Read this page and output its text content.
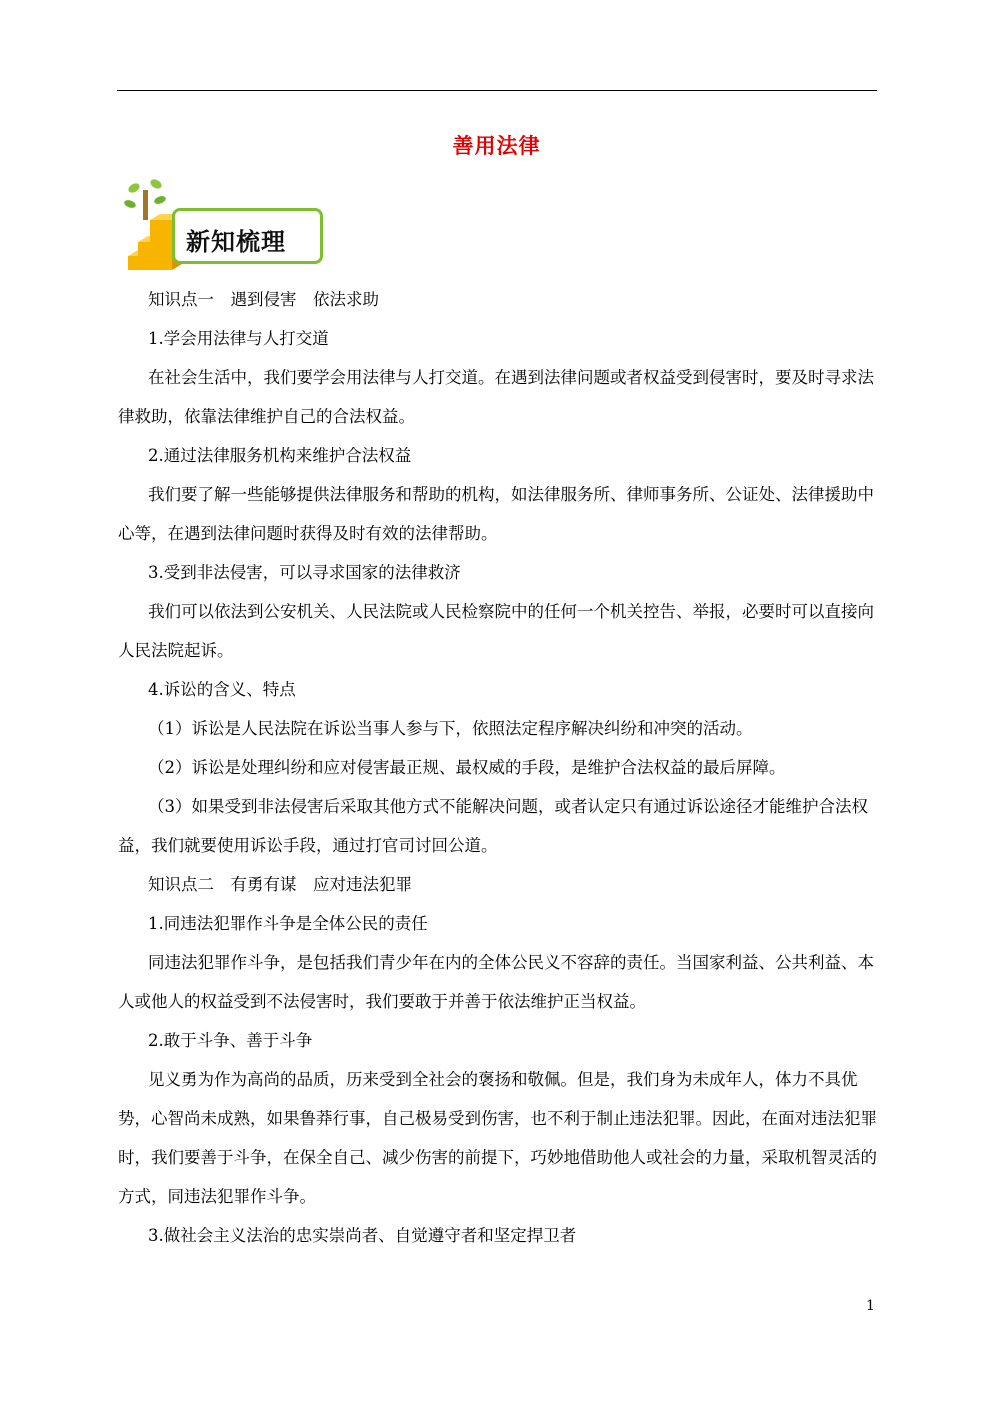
善用法律
新知梳理

知识点一　遇到侵害　依法求助

1.学会用法律与人打交道

在社会生活中，我们要学会用法律与人打交道。在遇到法律问题或者权益受到侵害时，要及时寻求法律救助，依靠法律维护自己的合法权益。

2.通过法律服务机构来维护合法权益

我们要了解一些能够提供法律服务和帮助的机构，如法律服务所、律师事务所、公证处、法律援助中心等，在遇到法律问题时获得及时有效的法律帮助。

3.受到非法侵害，可以寻求国家的法律救济

我们可以依法到公安机关、人民法院或人民检察院中的任何一个机关控告、举报，必要时可以直接向人民法院起诉。

4.诉讼的含义、特点

（1）诉讼是人民法院在诉讼当事人参与下，依照法定程序解决纠纷和冲突的活动。

（2）诉讼是处理纠纷和应对侵害最正规、最权威的手段，是维护合法权益的最后屏障。

（3）如果受到非法侵害后采取其他方式不能解决问题，或者认定只有通过诉讼途径才能维护合法权益，我们就要使用诉讼手段，通过打官司讨回公道。

知识点二　有勇有谋　应对违法犯罪

1.同违法犯罪作斗争是全体公民的责任

同违法犯罪作斗争，是包括我们青少年在内的全体公民义不容辞的责任。当国家利益、公共利益、本人或他人的权益受到不法侵害时，我们要敢于并善于依法维护正当权益。

2.敢于斗争、善于斗争

见义勇为作为高尚的品质，历来受到全社会的褒扬和敬佩。但是，我们身为未成年人，体力不具优势，心智尚未成熟，如果鲁莽行事，自己极易受到伤害，也不利于制止违法犯罪。因此，在面对违法犯罪时，我们要善于斗争，在保全自己、减少伤害的前提下，巧妙地借助他人或社会的力量，采取机智灵活的方式，同违法犯罪作斗争。

3.做社会主义法治的忠实崇尚者、自觉遵守者和坚定捍卫者

1
